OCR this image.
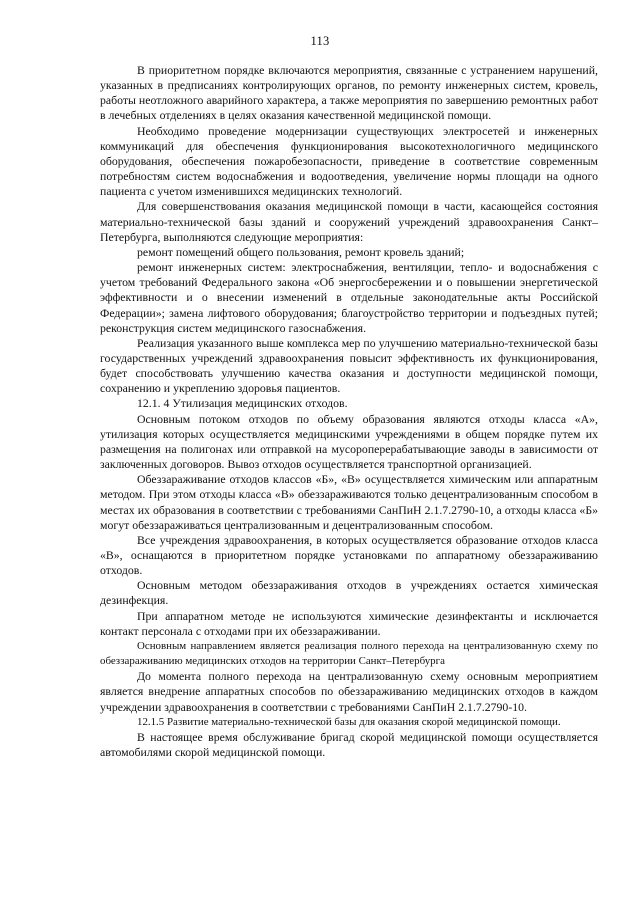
113

В приоритетном порядке включаются мероприятия, связанные с устранением нарушений, указанных в предписаниях контролирующих органов, по ремонту инженерных систем, кровель, работы неотложного аварийного характера, а также мероприятия по завершению ремонтных работ в лечебных отделениях в целях оказания качественной медицинской помощи.

Необходимо проведение модернизации существующих электросетей и инженерных коммуникаций для обеспечения функционирования высокотехнологичного медицинского оборудования, обеспечения пожаробезопасности, приведение в соответствие современным потребностям систем водоснабжения и водоотведения, увеличение нормы площади на одного пациента с учетом изменившихся медицинских технологий.

Для совершенствования оказания медицинской помощи в части, касающейся состояния материально-технической базы зданий и сооружений учреждений здравоохранения Санкт–Петербурга, выполняются следующие мероприятия:

ремонт помещений общего пользования, ремонт кровель зданий;

ремонт инженерных систем: электроснабжения, вентиляции, тепло- и водоснабжения с учетом требований Федерального закона «Об энергосбережении и о повышении энергетической эффективности и о внесении изменений в отдельные законодательные акты Российской Федерации»; замена лифтового оборудования; благоустройство территории и подъездных путей; реконструкция систем медицинского газоснабжения.

Реализация указанного выше комплекса мер по улучшению материально-технической базы государственных учреждений здравоохранения повысит эффективность их функционирования, будет способствовать улучшению качества оказания и доступности медицинской помощи, сохранению и укреплению здоровья пациентов.

12.1. 4 Утилизация медицинских отходов.

Основным потоком отходов по объему образования являются отходы класса «А», утилизация которых осуществляется медицинскими учреждениями в общем порядке путем их размещения на полигонах или отправкой на мусороперерабатывающие заводы в зависимости от заключенных договоров. Вывоз отходов осуществляется транспортной организацией.

Обеззараживание отходов классов «Б», «В» осуществляется химическим или аппаратным методом. При этом отходы класса «В» обеззараживаются только децентрализованным способом в местах их образования в соответствии с требованиями СанПиН 2.1.7.2790-10, а отходы класса «Б» могут обеззараживаться централизованным и децентрализованным способом.

Все учреждения здравоохранения, в которых осуществляется образование отходов класса «В», оснащаются в приоритетном порядке установками по аппаратному обеззараживанию отходов.

Основным методом обеззараживания отходов в учреждениях остается химическая дезинфекция.

При аппаратном методе не используются химические дезинфектанты и исключается контакт персонала с отходами при их обеззараживании.

Основным направлением является реализация полного перехода на централизованную схему по обеззараживанию медицинских отходов на территории Санкт–Петербурга

До момента полного перехода на централизованную схему основным мероприятием является внедрение аппаратных способов по обеззараживанию медицинских отходов в каждом учреждении здравоохранения в соответствии с требованиями СанПиН 2.1.7.2790-10.

12.1.5 Развитие материально-технической базы для оказания скорой медицинской помощи.

В настоящее время обслуживание бригад скорой медицинской помощи осуществляется автомобилями скорой медицинской помощи.
